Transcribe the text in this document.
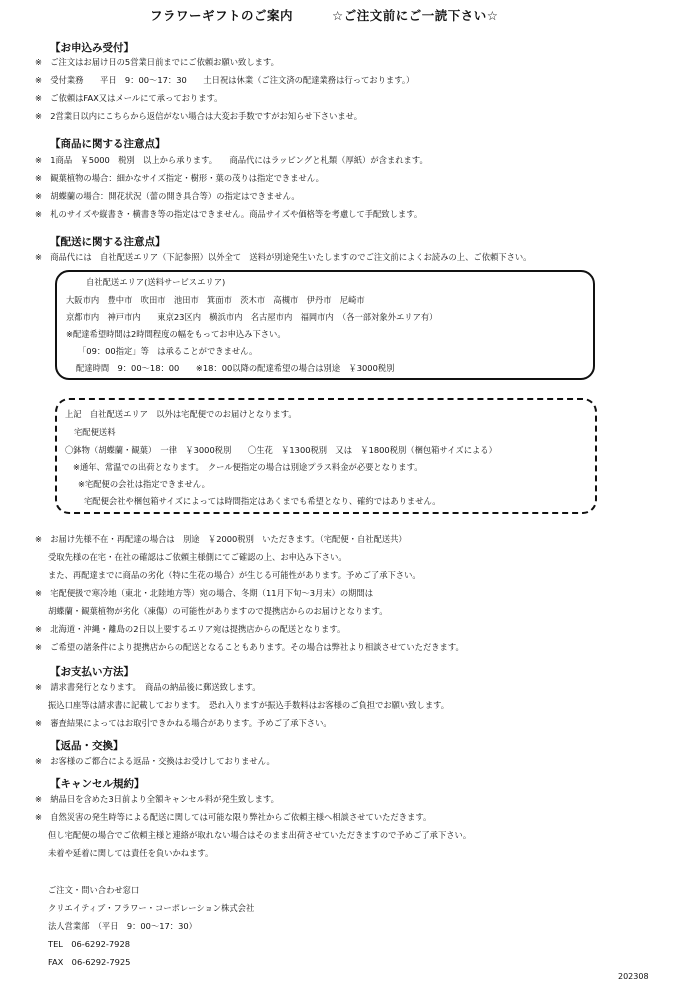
フラワーギフトのご案内　　　☆ご注文前にご一読下さい☆
【お申込み受付】
※　ご注文はお届け日の5営業日前までにご依頼お願い致します。
※　受付業務　　平日　9：00～17：30　　土日祝は休業（ご注文済の配達業務は行っております。）
※　ご依頼はFAX又はメールにて承っております。
※　2営業日以内にこちらから返信がない場合は大変お手数ですがお知らせ下さいませ。
【商品に関する注意点】
※　1商品　￥5000　税別　以上から承ります。　　商品代にはラッピングと札類（厚紙）が含まれます。
※　観葉植物の場合：細かなサイズ指定・樹形・葉の茂りは指定できません。
※　胡蝶蘭の場合：開花状況（蕾の開き具合等）の指定はできません。
※　札のサイズや縦書き・横書き等の指定はできません。商品サイズや価格等を考慮して手配致します。
【配送に関する注意点】
※　商品代には　自社配送エリア（下記参照）以外全て　送料が別途発生いたしますのでご注文前によくお読みの上、ご依頼下さい。
自社配送エリア(送料サービスエリア)
大阪市内　豊中市　吹田市　池田市　箕面市　茨木市　高槻市　伊丹市　尼崎市
京都市内　神戸市内　　東京23区内　横浜市内　名古屋市内　福岡市内　（各一部対象外エリア有）
※配達希望時間は2時間程度の幅をもってお申込み下さい。
「09：00指定」等　は承ることができません。
配達時間　9：00～18：00　　※18：00以降の配達希望の場合は別途　￥3000税別
上記　自社配送エリア　以外は宅配便でのお届けとなります。
宅配便送料
〇鉢物（胡蝶蘭・観葉）　一律　￥3000税別　　〇生花　￥1300税別　又は　￥1800税別（梱包箱サイズによる）
※通年、常温での出荷となります。　クール便指定の場合は別途プラス料金が必要となります。
※宅配便の会社は指定できません。
宅配便会社や梱包箱サイズによっては時間指定はあくまでも希望となり、確約ではありません。
※　お届け先様不在・再配達の場合は　別途　￥2000税別　いただきます。（宅配便・自社配送共）
受取先様の在宅・在社の確認はご依頼主様側にてご確認の上、お申込み下さい。
また、再配達までに商品の劣化（特に生花の場合）が生じる可能性があります。予めご了承下さい。
※　宅配便扱で寒冷地（東北・北陸地方等）宛の場合、冬期（11月下旬～3月末）の期間は
胡蝶蘭・観葉植物が劣化（凍傷）の可能性がありますので提携店からのお届けとなります。
※　北海道・沖縄・離島の2日以上要するエリア宛は提携店からの配送となります。
※　ご希望の諸条件により提携店からの配送となることもあります。その場合は弊社より相談させていただきます。
【お支払い方法】
※　請求書発行となります。　商品の納品後に郵送致します。
振込口座等は請求書に記載しております。　恐れ入りますが振込手数料はお客様のご負担でお願い致します。
※　審査結果によってはお取引できかねる場合があります。予めご了承下さい。
【返品・交換】
※　お客様のご都合による返品・交換はお受けしておりません。
【キャンセル規約】
※　納品日を含めた3日前より全額キャンセル料が発生致します。
※　自然災害の発生時等による配送に関しては可能な限り弊社からご依頼主様へ相談させていただきます。
但し宅配便の場合でご依頼主様と連絡が取れない場合はそのまま出荷させていただきますので予めご了承下さい。
未着や延着に関しては責任を負いかねます。
ご注文・問い合わせ窓口
クリエイティブ・フラワー・コーポレーション株式会社
法人営業部　（平日　9：00～17：30）
TEL　06-6292-7928
FAX　06-6292-7925
202308
